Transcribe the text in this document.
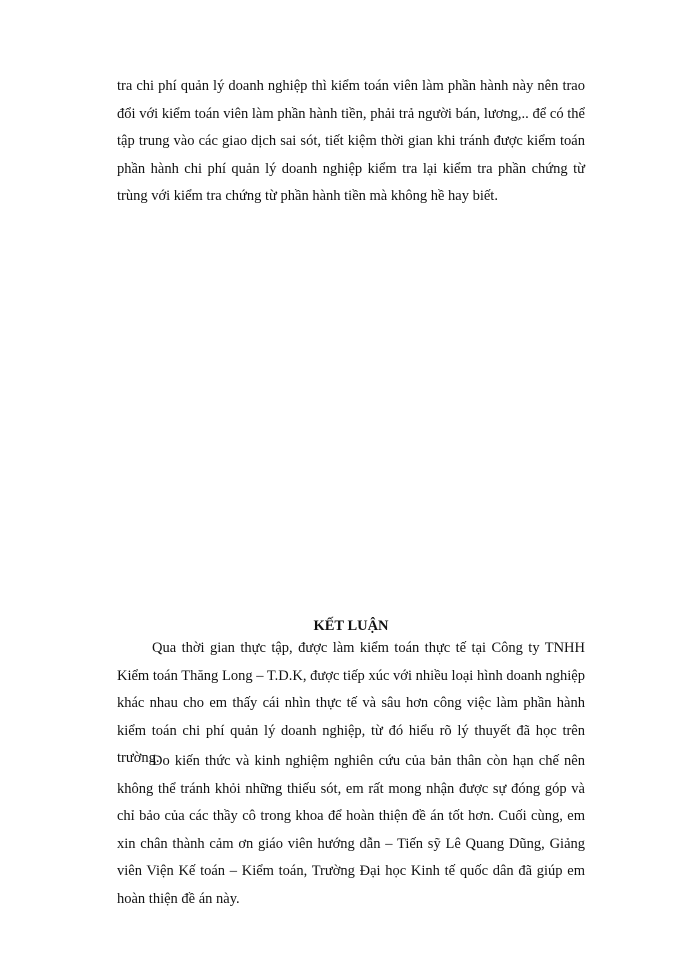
tra chi phí quản lý doanh nghiệp thì kiểm toán viên làm phần hành này nên trao đổi với kiểm toán viên làm phần hành tiền, phải trả người bán, lương,.. để có thể tập trung vào các giao dịch sai sót, tiết kiệm thời gian khi tránh được kiểm toán phần hành chi phí quản lý doanh nghiệp kiểm tra lại kiểm tra phần chứng từ trùng với kiểm tra chứng từ phần hành tiền mà không hề hay biết.

KẾT LUẬN

Qua thời gian thực tập, được làm kiểm toán thực tế tại Công ty TNHH Kiểm toán Thăng Long – T.D.K, được tiếp xúc với nhiều loại hình doanh nghiệp khác nhau cho em thấy cái nhìn thực tế và sâu hơn công việc làm phần hành kiểm toán chi phí quản lý doanh nghiệp, từ đó hiểu rõ lý thuyết đã học trên trường.

Do kiến thức và kinh nghiệm nghiên cứu của bản thân còn hạn chế nên không thể tránh khỏi những thiếu sót, em rất mong nhận được sự đóng góp và chỉ bảo của các thầy cô trong khoa để hoàn thiện đề án tốt hơn. Cuối cùng, em xin chân thành cảm ơn giáo viên hướng dẫn – Tiến sỹ Lê Quang Dũng, Giảng viên Viện Kế toán – Kiểm toán, Trường Đại học Kinh tế quốc dân đã giúp em hoàn thiện đề án này.
